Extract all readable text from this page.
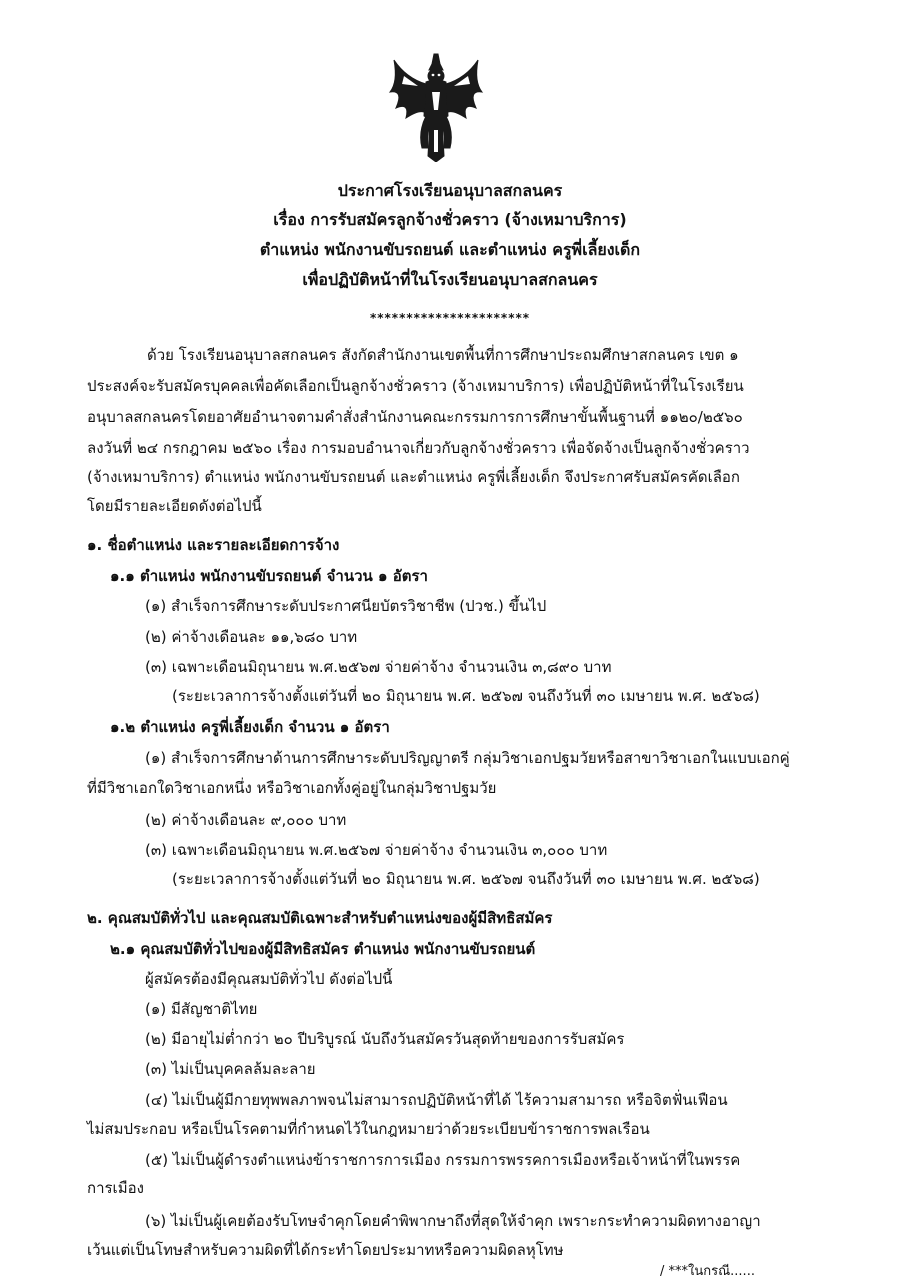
ประกาศโรงเรียนอนุบาลสกลนคร
เรื่อง การรับสมัครลูกจ้างชั่วคราว (จ้างเหมาบริการ)
ตำแหน่ง พนักงานขับรถยนต์ และตำแหน่ง ครูพี่เลี้ยงเด็ก
เพื่อปฏิบัติหน้าที่ในโรงเรียนอนุบาลสกลนคร
**********************
ด้วย โรงเรียนอนุบาลสกลนคร สังกัดสำนักงานเขตพื้นที่การศึกษาประถมศึกษาสกลนคร เขต ๑
ประสงค์จะรับสมัครบุคคลเพื่อคัดเลือกเป็นลูกจ้างชั่วคราว (จ้างเหมาบริการ) เพื่อปฏิบัติหน้าที่ในโรงเรียน
อนุบาลสกลนครโดยอาศัยอำนาจตามคำสั่งสำนักงานคณะกรรมการการศึกษาขั้นพื้นฐานที่ ๑๑๒๐/๒๕๖๐
ลงวันที่ ๒๔ กรกฎาคม ๒๕๖๐ เรื่อง การมอบอำนาจเกี่ยวกับลูกจ้างชั่วคราว เพื่อจัดจ้างเป็นลูกจ้างชั่วคราว
(จ้างเหมาบริการ) ตำแหน่ง พนักงานขับรถยนต์ และตำแหน่ง ครูพี่เลี้ยงเด็ก จึงประกาศรับสมัครคัดเลือก
โดยมีรายละเอียดดังต่อไปนี้
๑. ชื่อตำแหน่ง และรายละเอียดการจ้าง
๑.๑ ตำแหน่ง พนักงานขับรถยนต์ จำนวน ๑ อัตรา
(๑) สำเร็จการศึกษาระดับประกาศนียบัตรวิชาชีพ (ปวช.) ขึ้นไป
(๒) ค่าจ้างเดือนละ ๑๑,๖๘๐ บาท
(๓) เฉพาะเดือนมิถุนายน พ.ศ.๒๕๖๗ จ่ายค่าจ้าง จำนวนเงิน ๓,๘๙๐ บาท
(ระยะเวลาการจ้างตั้งแต่วันที่ ๒๐ มิถุนายน พ.ศ. ๒๕๖๗ จนถึงวันที่ ๓๐ เมษายน พ.ศ. ๒๕๖๘)
๑.๒ ตำแหน่ง ครูพี่เลี้ยงเด็ก จำนวน ๑ อัตรา
(๑) สำเร็จการศึกษาด้านการศึกษาระดับปริญญาตรี กลุ่มวิชาเอกปฐมวัยหรือสาขาวิชาเอกในแบบเอกคู่
ที่มีวิชาเอกใดวิชาเอกหนึ่ง หรือวิชาเอกทั้งคู่อยู่ในกลุ่มวิชาปฐมวัย
(๒) ค่าจ้างเดือนละ ๙,๐๐๐ บาท
(๓) เฉพาะเดือนมิถุนายน พ.ศ.๒๕๖๗ จ่ายค่าจ้าง จำนวนเงิน ๓,๐๐๐ บาท
(ระยะเวลาการจ้างตั้งแต่วันที่ ๒๐ มิถุนายน พ.ศ. ๒๕๖๗ จนถึงวันที่ ๓๐ เมษายน พ.ศ. ๒๕๖๘)
๒. คุณสมบัติทั่วไป และคุณสมบัติเฉพาะสำหรับตำแหน่งของผู้มีสิทธิสมัคร
๒.๑ คุณสมบัติทั่วไปของผู้มีสิทธิสมัคร ตำแหน่ง พนักงานขับรถยนต์
ผู้สมัครต้องมีคุณสมบัติทั่วไป ดังต่อไปนี้
(๑) มีสัญชาติไทย
(๒) มีอายุไม่ต่ำกว่า ๒๐ ปีบริบูรณ์ นับถึงวันสมัครวันสุดท้ายของการรับสมัคร
(๓) ไม่เป็นบุคคลล้มละลาย
(๔) ไม่เป็นผู้มีกายทุพพลภาพจนไม่สามารถปฏิบัติหน้าที่ได้ ไร้ความสามารถ หรือจิตฟั่นเฟือน
ไม่สมประกอบ หรือเป็นโรคตามที่กำหนดไว้ในกฎหมายว่าด้วยระเบียบข้าราชการพลเรือน
(๕) ไม่เป็นผู้ดำรงตำแหน่งข้าราชการการเมือง กรรมการพรรคการเมืองหรือเจ้าหน้าที่ในพรรค
การเมือง
(๖) ไม่เป็นผู้เคยต้องรับโทษจำคุกโดยคำพิพากษาถึงที่สุดให้จำคุก เพราะกระทำความผิดทางอาญา
เว้นแต่เป็นโทษสำหรับความผิดที่ได้กระทำโดยประมาทหรือความผิดลหุโทษ
/ ***ในกรณี......
